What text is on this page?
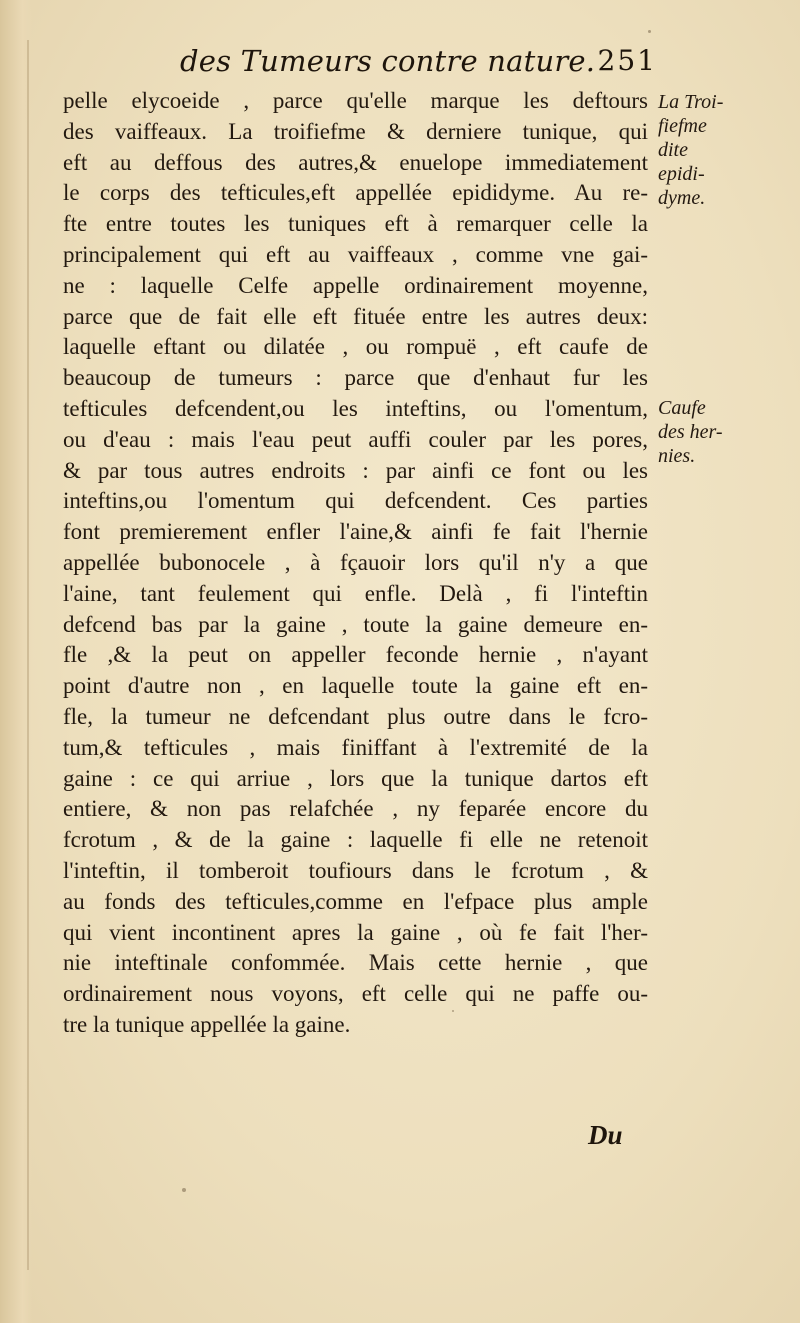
des Tumeurs contre nature. 251
pelle elycoeide , parce qu'elle marque les deftours
des vaiffeaux. La troifiefme & derniere tunique, qui
eft au deffous des autres,& enuelope immediatement
le corps des tefticules,eft appellée epididyme. Au re-
fte entre toutes les tuniques eft à remarquer celle la
principalement qui eft au vaiffeaux , comme vne gai-
ne : laquelle Celfe appelle ordinairement moyenne,
parce que de fait elle eft fituée entre les autres deux:
laquelle eftant ou dilatée , ou rompuë , eft caufe de
beaucoup de tumeurs : parce que d'enhaut fur les
tefticules defcendent,ou les inteftins, ou l'omentum,
ou d'eau : mais l'eau peut auffi couler par les pores,
& par tous autres endroits : par ainfi ce font ou les
inteftins,ou l'omentum qui defcendent. Ces parties
font premierement enfler l'aine,& ainfi fe fait l'hernie
appellée bubonocele , à fçauoir lors qu'il n'y a que
l'aine, tant feulement qui enfle. Delà , fi l'inteftin
defcend bas par la gaine , toute la gaine demeure en-
fle ,& la peut on appeller feconde hernie , n'ayant
point d'autre non , en laquelle toute la gaine eft en-
fle, la tumeur ne defcendant plus outre dans le fcro-
tum,& tefticules , mais finiffant à l'extremité de la
gaine : ce qui arriue , lors que la tunique dartos eft
entiere, & non pas relafchée , ny feparée encore du
fcrotum , & de la gaine : laquelle fi elle ne retenoit
l'inteftin, il tomberoit toufiours dans le fcrotum , &
au fonds des tefticules,comme en l'efpace plus ample
qui vient incontinent apres la gaine , où fe fait l'her-
nie inteftinale confommée. Mais cette hernie , que
ordinairement nous voyons, eft celle qui ne paffe ou-
tre la tunique appellée la gaine.
La Troi-
fiefme
dite
epidi-
dyme.
Caufe
des her-
nies.
Du
